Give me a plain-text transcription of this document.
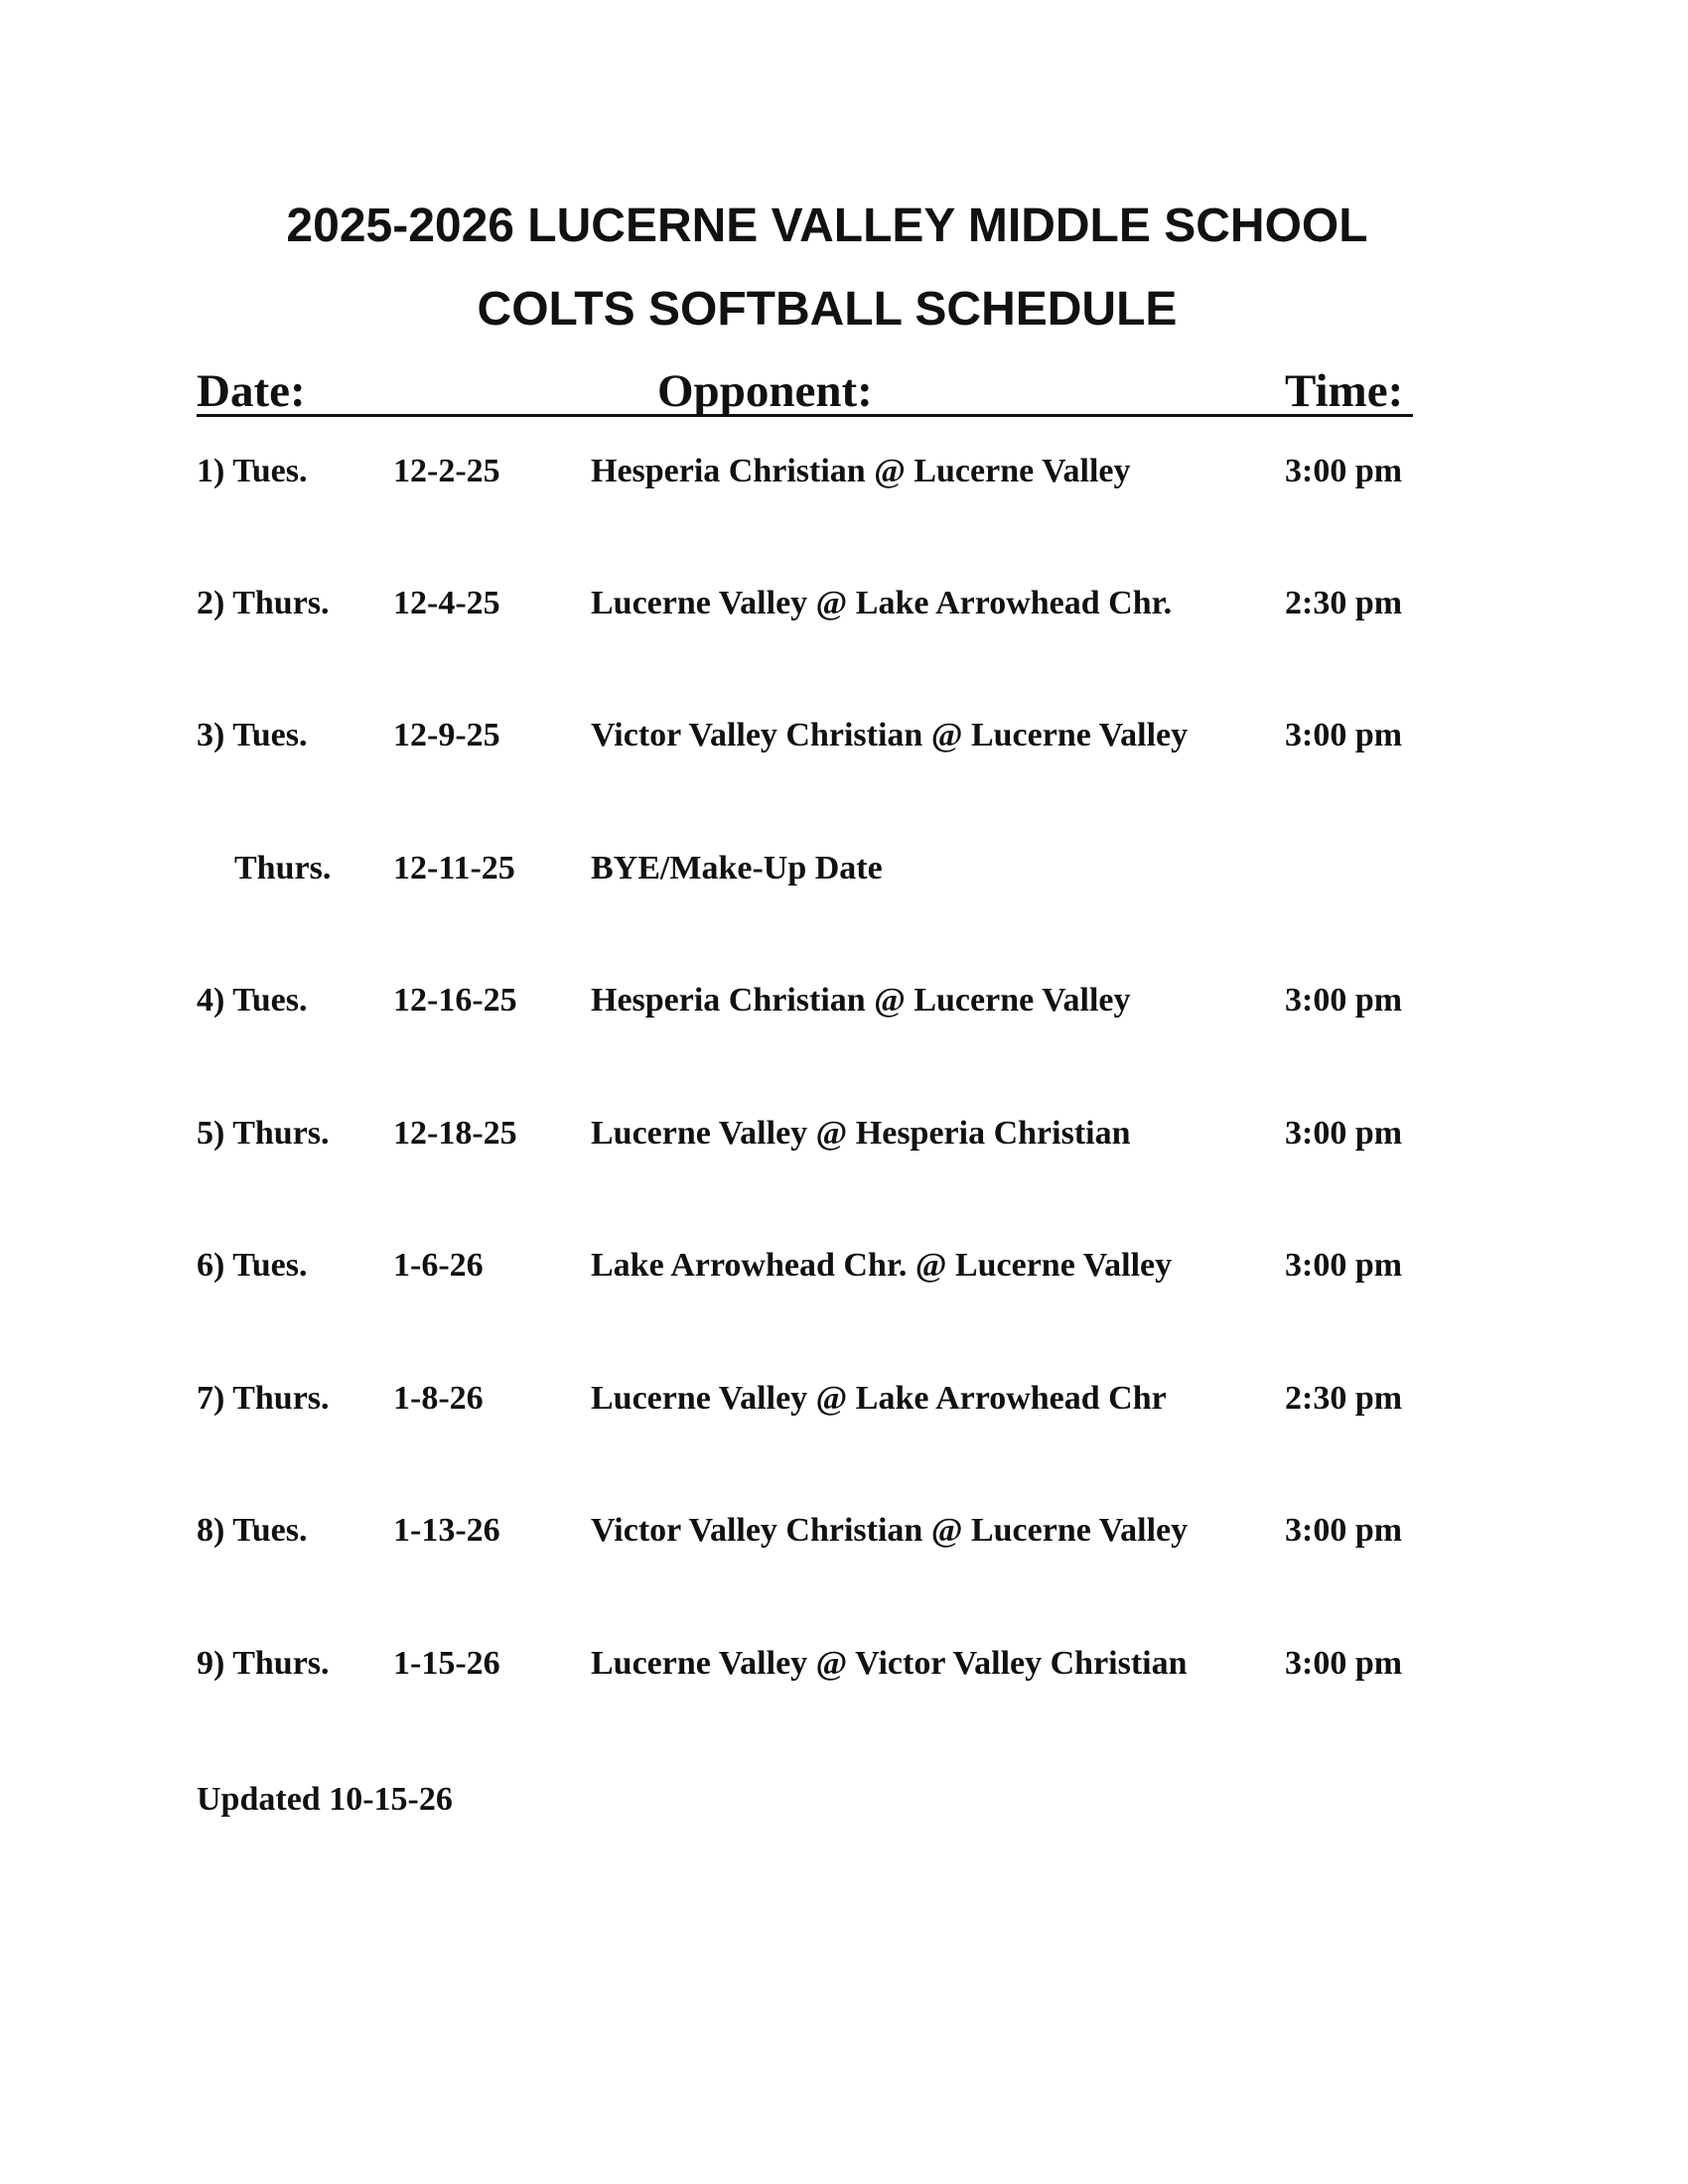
2025-2026 LUCERNE VALLEY MIDDLE SCHOOL
COLTS SOFTBALL SCHEDULE
Date:	Opponent:	Time:
1) Tues.	12-2-25	Hesperia Christian @ Lucerne Valley	3:00 pm
2) Thurs. 12-4-25	Lucerne Valley @ Lake Arrowhead Chr.	2:30 pm
3) Tues.	12-9-25	Victor Valley Christian @ Lucerne Valley	3:00 pm
Thurs. 12-11-25 BYE/Make-Up Date
4) Tues.	12-16-25 Hesperia Christian @ Lucerne Valley	3:00 pm
5) Thurs. 12-18-25 Lucerne Valley @ Hesperia Christian	3:00 pm
6) Tues.	1-6-26	Lake Arrowhead Chr. @ Lucerne Valley	3:00 pm
7) Thurs. 1-8-26	Lucerne Valley @ Lake Arrowhead Chr	2:30 pm
8) Tues.	1-13-26	Victor Valley Christian @ Lucerne Valley	3:00 pm
9) Thurs. 1-15-26	Lucerne Valley @ Victor Valley Christian	3:00 pm
Updated 10-15-26
